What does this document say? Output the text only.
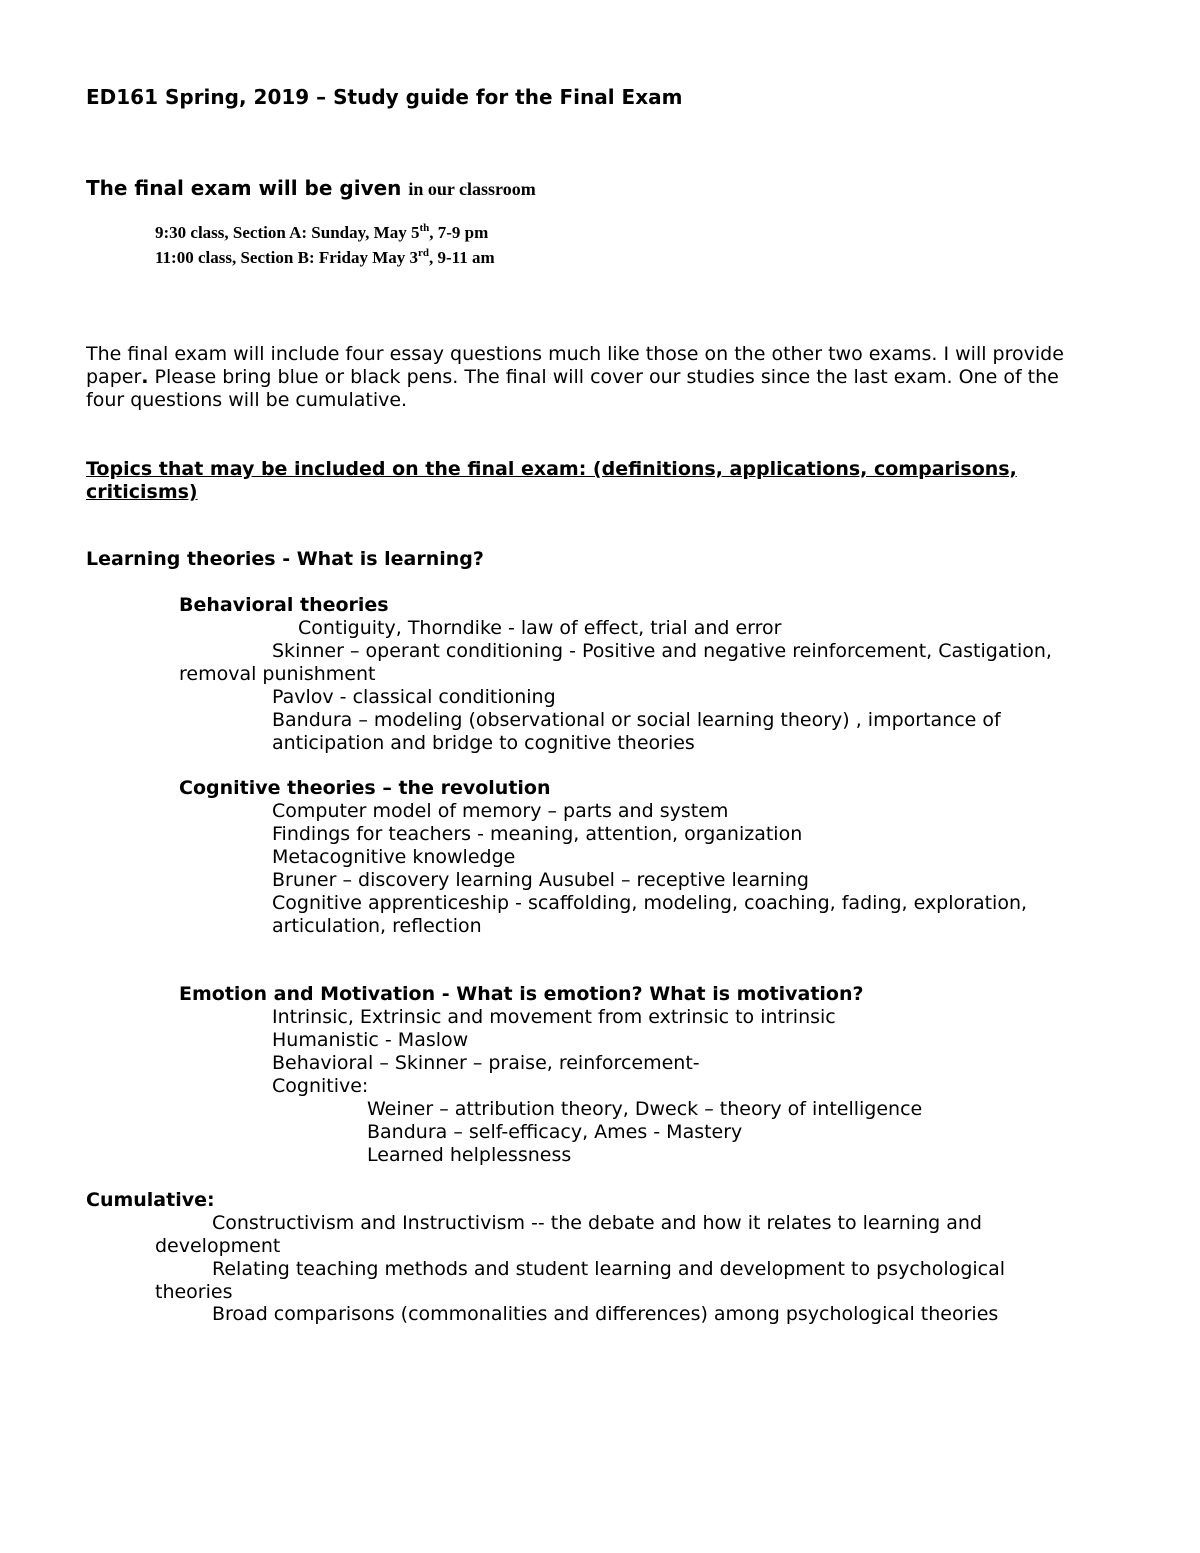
ED161 Spring, 2019 – Study guide for the Final Exam

The final exam will be given in our classroom

9:30 class, Section A: Sunday, May 5th, 7-9 pm

11:00 class, Section B: Friday May 3rd, 9-11 am

The final exam will include four essay questions much like those on the other two exams. I will provide

paper. Please bring blue or black pens. The final will cover our studies since the last exam. One of the

four questions will be cumulative.

Topics that may be included on the final exam: (definitions, applications, comparisons,

criticisms)

Learning theories - What is learning?

Behavioral theories

Contiguity, Thorndike - law of effect, trial and error

Skinner – operant conditioning - Positive and negative reinforcement, Castigation,

removal punishment

Pavlov - classical conditioning

Bandura – modeling (observational or social learning theory) , importance of

anticipation and bridge to cognitive theories

Cognitive theories – the revolution

Computer model of memory – parts and system

Findings for teachers - meaning, attention, organization

Metacognitive knowledge

Bruner – discovery learning Ausubel – receptive learning

Cognitive apprenticeship - scaffolding, modeling, coaching, fading, exploration,

articulation, reflection

Emotion and Motivation - What is emotion? What is motivation?

Intrinsic, Extrinsic and movement from extrinsic to intrinsic

Humanistic - Maslow

Behavioral – Skinner – praise, reinforcement-

Cognitive:

Weiner – attribution theory, Dweck – theory of intelligence

Bandura – self-efficacy, Ames - Mastery

Learned helplessness

Cumulative:

Constructivism and Instructivism -- the debate and how it relates to learning and

development

Relating teaching methods and student learning and development to psychological

theories

Broad comparisons (commonalities and differences) among psychological theories
